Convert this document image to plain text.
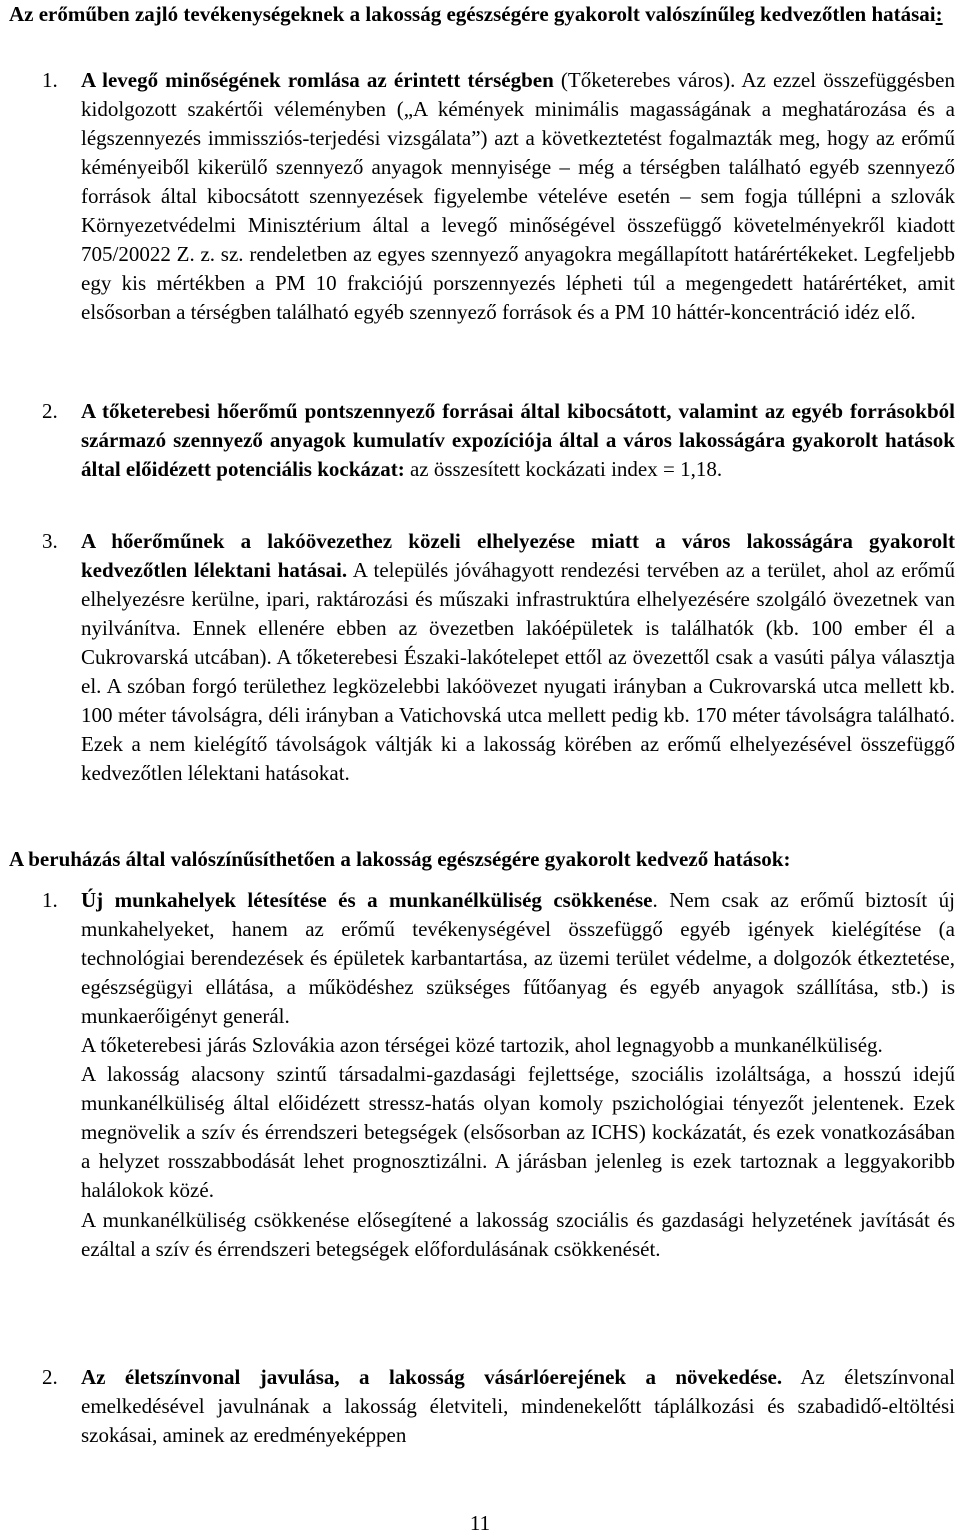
Az erőműben zajló tevékenységeknek a lakosság egészségére gyakorolt valószínűleg kedvezőtlen hatásai:
1. A levegő minőségének romlása az érintett térségben (Tőketerebes város). Az ezzel összefüggésben kidolgozott szakértői véleményben („A kémények minimális magasságának a meghatározása és a légszennyezés immissziós-terjedési vizsgálata”) azt a következtetést fogalmazták meg, hogy az erőmű kéményeiből kikerülő szennyező anyagok mennyisége – még a térségben található egyéb szennyező források által kibocsátott szennyezések figyelembe vételéve esetén – sem fogja túllépni a szlovák Környezetvédelmi Minisztérium által a levegő minőségével összefüggő követelményekről kiadott 705/20022 Z. z. sz. rendeletben az egyes szennyező anyagokra megállapított határértékeket. Legfeljebb egy kis mértékben a PM 10 frakciójú porszennyezés lépheti túl a megengedett határértéket, amit elsősorban a térségben található egyéb szennyező források és a PM 10 háttér-koncentráció idéz elő.
2. A tőketerebesi hőerőmű pontszennyező forrásai által kibocsátott, valamint az egyéb forrásokból származó szennyező anyagok kumulatív expozíciója által a város lakosságára gyakorolt hatások által előidézett potenciális kockázat: az összesített kockázati index = 1,18.
3. A hőerőműnek a lakóövezethez közeli elhelyezése miatt a város lakosságára gyakorolt kedvezőtlen lélektani hatásai. A település jóváhagyott rendezési tervében az a terület, ahol az erőmű elhelyezésre kerülne, ipari, raktározási és műszaki infrastruktúra elhelyezésére szolgáló övezetnek van nyilvánítva. Ennek ellenére ebben az övezetben lakóépületek is találhatók (kb. 100 ember él a Cukrovarská utcában). A tőketerebesi Északi-lakótelepet ettől az övezettől csak a vasúti pálya választja el. A szóban forgó területhez legközelebbi lakóövezet nyugati irányban a Cukrovarská utca mellett kb. 100 méter távolságra, déli irányban a Vatichovská utca mellett pedig kb. 170 méter távolságra található. Ezek a nem kielégítő távolságok váltják ki a lakosság körében az erőmű elhelyezésével összefüggő kedvezőtlen lélektani hatásokat.
A beruházás által valószínűsíthetően a lakosság egészségére gyakorolt kedvező hatások:
1. Új munkahelyek létesítése és a munkanélküliség csökkenése. Nem csak az erőmű biztosít új munkahelyeket, hanem az erőmű tevékenységével összefüggő egyéb igények kielégítése (a technológiai berendezések és épületek karbantartása, az üzemi terület védelme, a dolgozók étkeztetése, egészségügyi ellátása, a működéshez szükséges fűtőanyag és egyéb anyagok szállítása, stb.) is munkaerőigényt generál.

A tőketerebesi járás Szlovákia azon térségei közé tartozik, ahol legnagyobb a munkanélküliség.

A lakosság alacsony szintű társadalmi-gazdasági fejlettsége, szociális izoláltsága, a hosszú idejű munkanélküliség által előidézett stressz-hatás olyan komoly pszichológiai tényezőt jelentenek. Ezek megnövelik a szív és érrendszeri betegségek (elsősorban az ICHS) kockázatát, és ezek vonatkozásában a helyzet rosszabbodását lehet prognosztizálni. A járásban jelenleg is ezek tartoznak a leggyakoribb halálokok közé.

A munkanélküliség csökkenése elősegítené a lakosság szociális és gazdasági helyzetének javítását és ezáltal a szív és érrendszeri betegségek előfordulásának csökkenését.

2. Az életszínvonal javulása, a lakosság vásárlóerejének a növekedése. Az életszínvonal emelkedésével javulnának a lakosság életviteli, mindenekelőtt táplálkozási és szabadidő-eltöltési szokásai, aminek az eredményeképpen
11
